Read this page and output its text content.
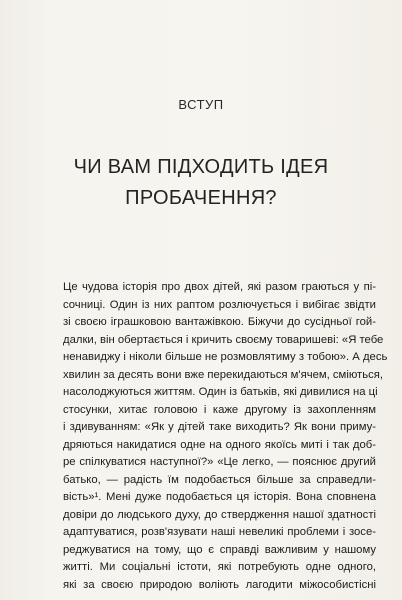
ВСТУП
ЧИ ВАМ ПІДХОДИТЬ ІДЕЯ
ПРОБАЧЕННЯ?
Це чудова історія про двох дітей, які разом граються у пі-
сочниці. Один із них раптом розлючується і вибігає звідти
зі своєю іграшковою вантажівкою. Біжучи до сусідньої гой-
далки, він обертається і кричить своєму товаришеві: «Я тебе
ненавиджу і ніколи більше не розмовлятиму з тобою». А десь
хвилин за десять вони вже перекидаються м'ячем, сміються,
насолоджуються життям. Один із батьків, які дивилися на ці
стосунки, хитає головою і каже другому із захопленням
і здивуванням: «Як у дітей таке виходить? Як вони приму-
дряються накидатися одне на одного якоїсь миті і так доб-
ре спілкуватися наступної?» «Це легко, — пояснює другий
батько, — радість їм подобається більше за справедли-
вість»¹. Мені дуже подобається ця історія. Вона сповнена
довіри до людського духу, до ствердження нашої здатності
адаптуватися, розв'язувати наші невеликі проблеми і зосе-
реджуватися на тому, що є справді важливим у нашому
житті. Ми соціальні істоти, які потребують одне одного,
які за своєю природою воліють лагодити міжособистісні
